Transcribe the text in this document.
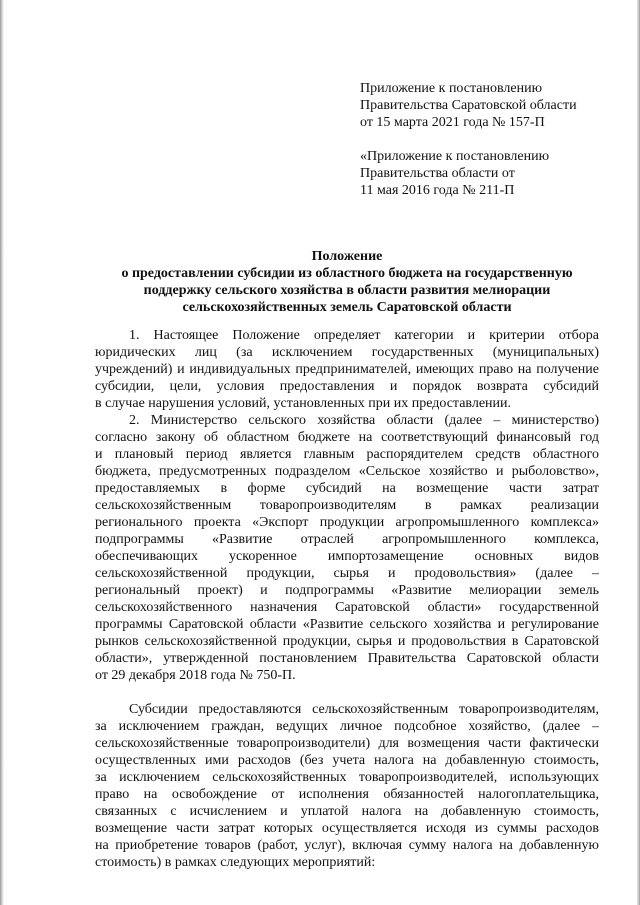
Приложение к постановлению

Правительства Саратовской области

от 15 марта 2021 года № 157-П

«Приложение к постановлению

Правительства области от

11 мая 2016 года № 211-П

Положение

о предоставлении субсидии из областного бюджета на государственную

поддержку сельского хозяйства в области развития мелиорации

сельскохозяйственных земель Саратовской области

1. Настоящее Положение определяет категории и критерии отбора
юридических лиц (за исключением государственных (муниципальных)
учреждений) и индивидуальных предпринимателей, имеющих право на получение
субсидии, цели, условия предоставления и порядок возврата субсидий
в случае нарушения условий, установленных при их предоставлении.
2. Министерство сельского хозяйства области (далее – министерство)
согласно закону об областном бюджете на соответствующий финансовый год
и плановый период является главным распорядителем средств областного
бюджета, предусмотренных подразделом «Сельское хозяйство и рыболовство»,
предоставляемых в форме субсидий на возмещение части затрат
сельскохозяйственным товаропроизводителям в рамках реализации
регионального проекта «Экспорт продукции агропромышленного комплекса»
подпрограммы «Развитие отраслей агропромышленного комплекса,
обеспечивающих ускоренное импортозамещение основных видов
сельскохозяйственной продукции, сырья и продовольствия» (далее –
региональный проект) и подпрограммы «Развитие мелиорации земель
сельскохозяйственного назначения Саратовской области» государственной
программы Саратовской области «Развитие сельского хозяйства и регулирование
рынков сельскохозяйственной продукции, сырья и продовольствия в Саратовской
области», утвержденной постановлением Правительства Саратовской области
от 29 декабря 2018 года № 750-П.
Субсидии предоставляются сельскохозяйственным товаропроизводителям,
за исключением граждан, ведущих личное подсобное хозяйство, (далее –
сельскохозяйственные товаропроизводители) для возмещения части фактически
осуществленных ими расходов (без учета налога на добавленную стоимость,
за исключением сельскохозяйственных товаропроизводителей, использующих
право на освобождение от исполнения обязанностей налогоплательщика,
связанных с исчислением и уплатой налога на добавленную стоимость,
возмещение части затрат которых осуществляется исходя из суммы расходов
на приобретение товаров (работ, услуг), включая сумму налога на добавленную
стоимость) в рамках следующих мероприятий:
